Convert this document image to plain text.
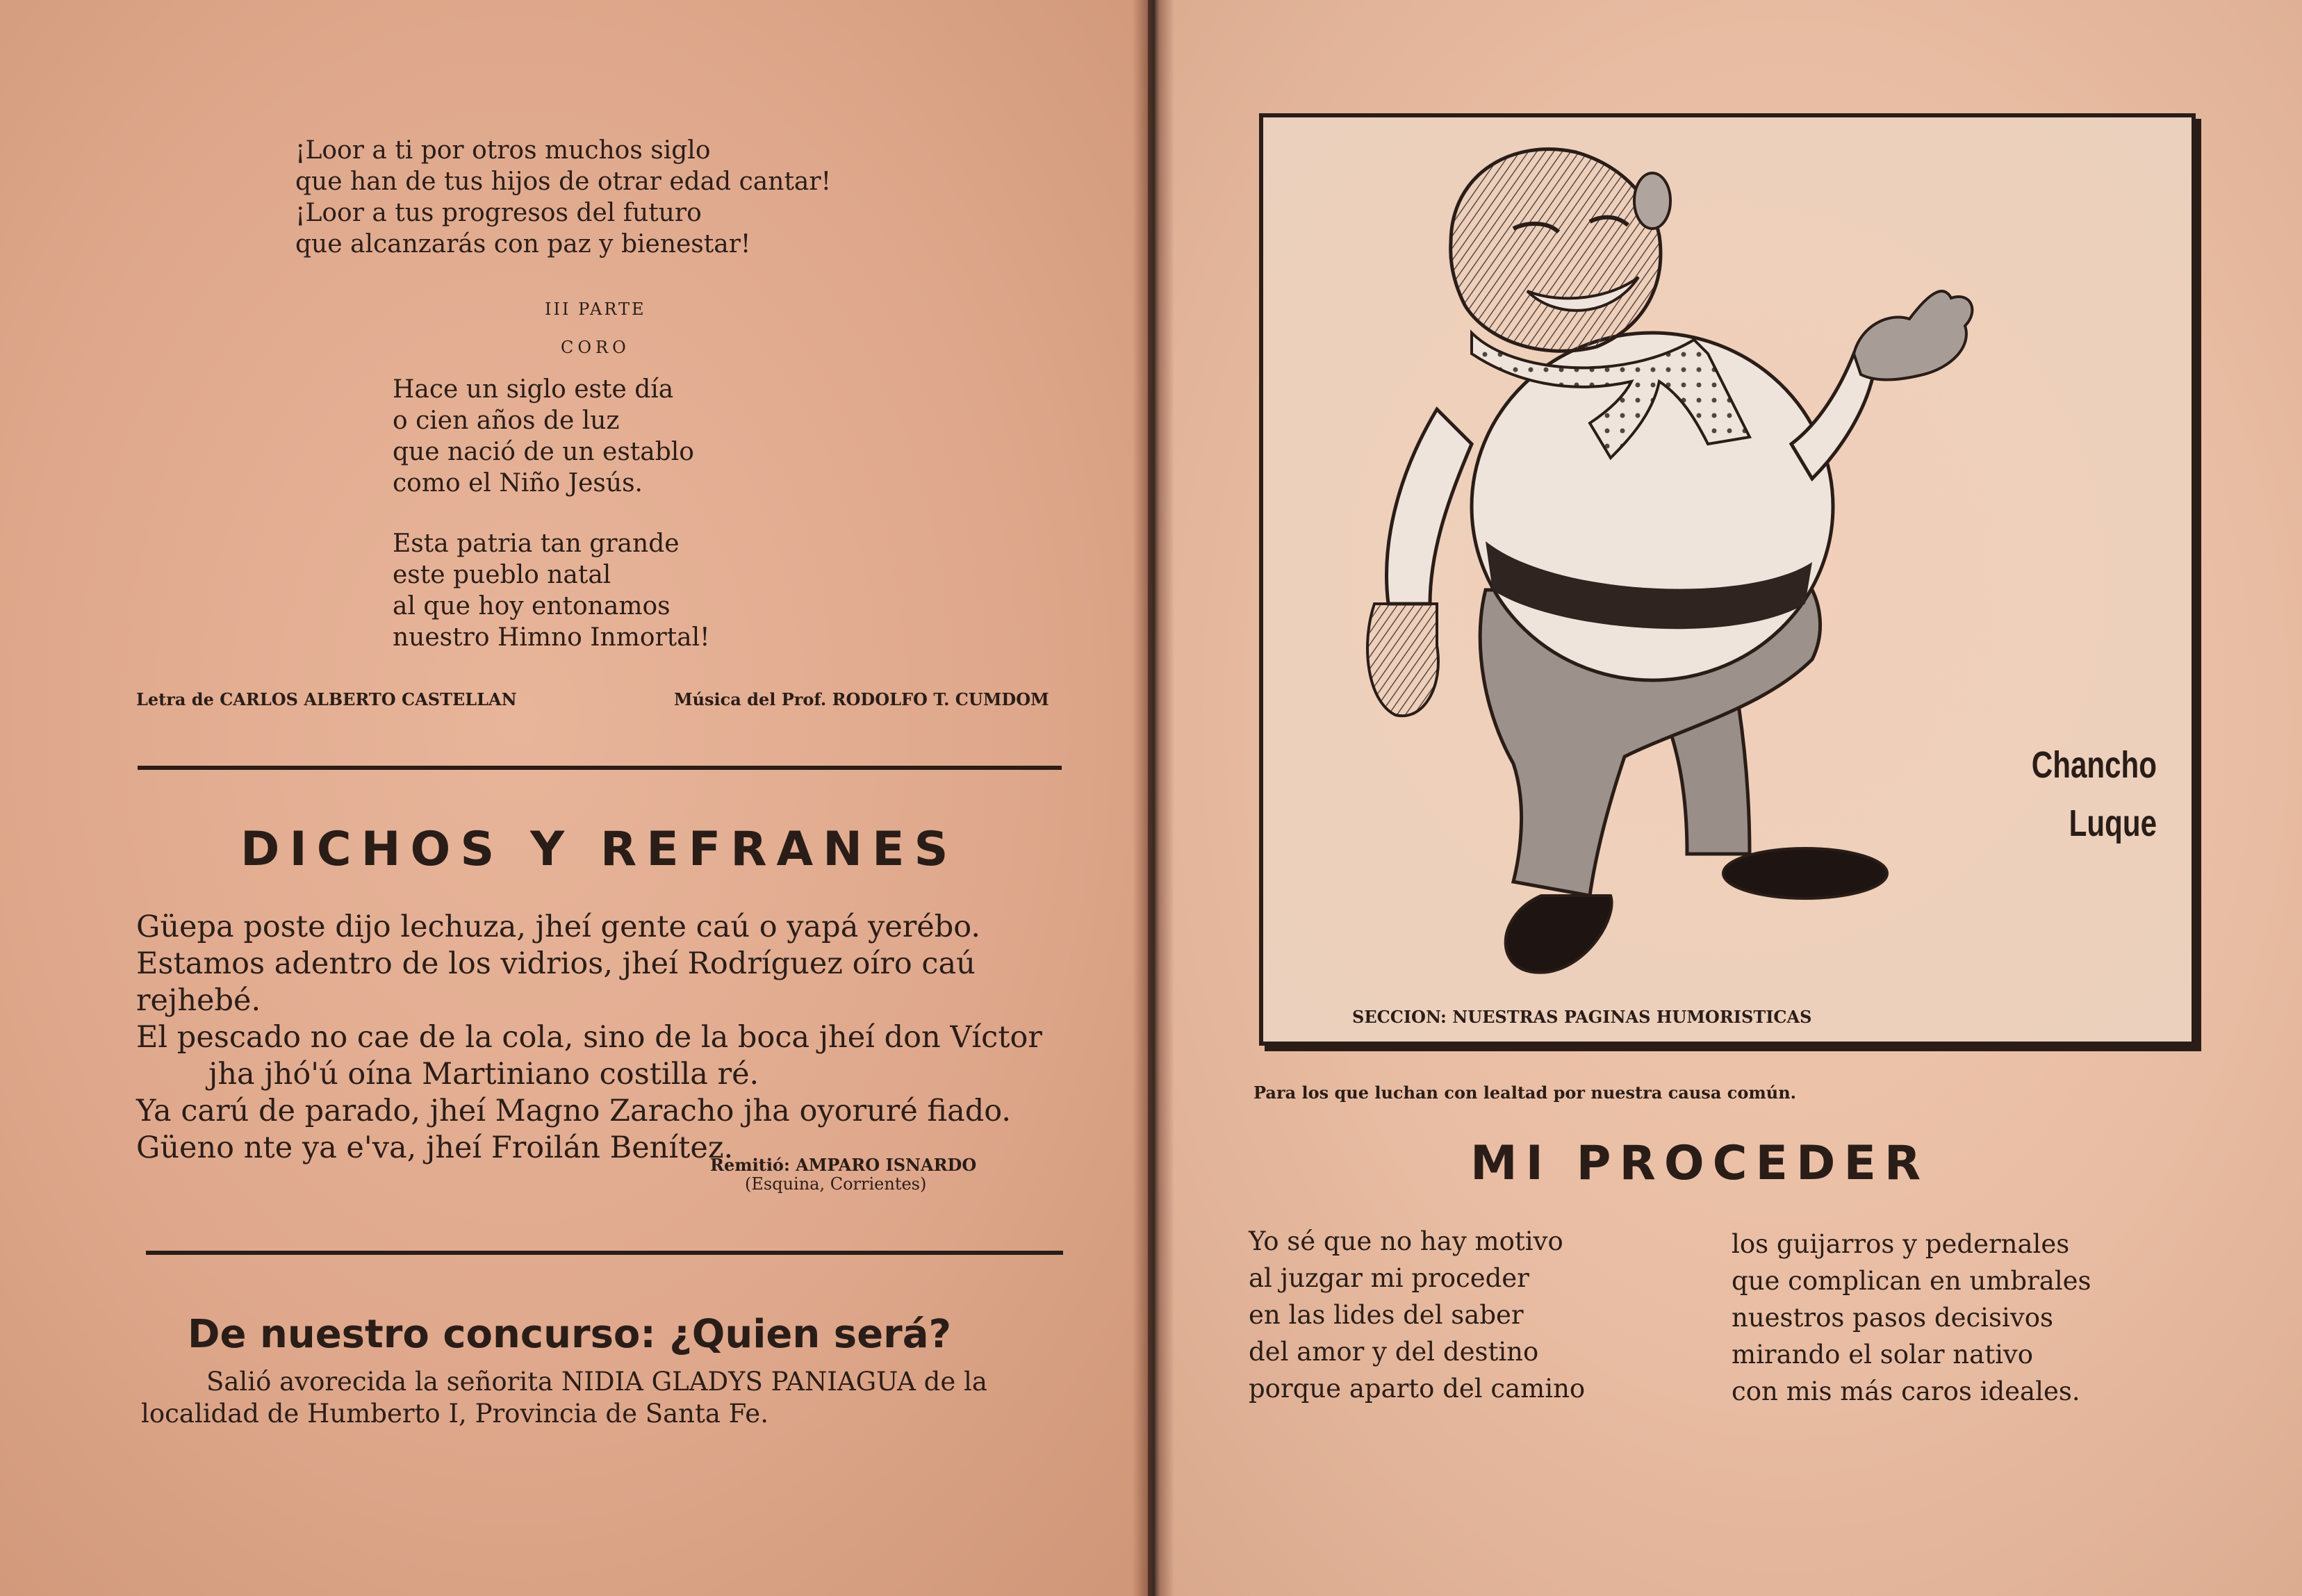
¡Loor a ti por otros muchos siglo
que han de tus hijos de otrar edad cantar!
¡Loor a tus progresos del futuro
que alcanzarás con paz y bienestar!
III PARTE
CORO
Hace un siglo este día
o cien años de luz
que nació de un establo
como el Niño Jesús.
Esta patria tan grande
este pueblo natal
al que hoy entonamos
nuestro Himno Inmortal!
Letra de CARLOS ALBERTO CASTELLAN	Música del Prof. RODOLFO T. CUMDOM
DICHOS Y REFRANES
Güepa poste dijo lechuza, jheí gente caú o yapá yerébo.
Estamos adentro de los vidrios, jheí Rodríguez oíro caú rejhebé.
El pescado no cae de la cola, sino de la boca jheí don Víctor
jha jhó'ú oína Martiniano costilla ré.
Ya carú de parado, jheí Magno Zaracho jha oyoruré fiado.
Güeno nte ya e'va, jheí Froilán Benítez.
Remitió: AMPARO ISNARDO
(Esquina, Corrientes)
De nuestro concurso: ¿Quien será?
Salió avorecida la señorita NIDIA GLADYS PANIAGUA de la
localidad de Humberto I, Provincia de Santa Fe.
Chancho
Luque
SECCION: NUESTRAS PAGINAS HUMORISTICAS
Para los que luchan con lealtad por nuestra causa común.
MI PROCEDER
Yo sé que no hay motivo
al juzgar mi proceder
en las lides del saber
del amor y del destino
porque aparto del camino
los guijarros y pedernales
que complican en umbrales
nuestros pasos decisivos
mirando el solar nativo
con mis más caros ideales.
